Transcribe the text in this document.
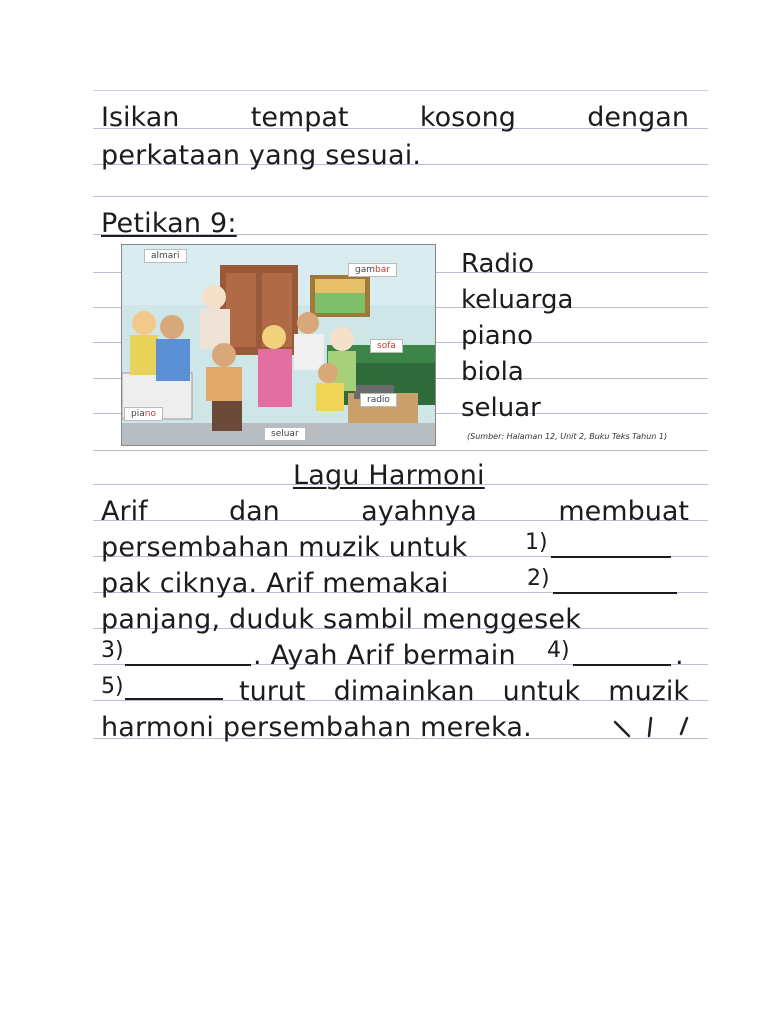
Isikan	tempat	kosong	dengan
perkataan yang sesuai.
Petikan 9:
almari
gambar
sofa
radio
piano
seluar
Radio
keluarga
piano
biola
seluar
(Sumber: Halaman 12, Unit 2, Buku Teks Tahun 1)
Lagu Harmoni
Arif	dan	ayahnya	membuat
persembahan muzik untuk	1)
pak ciknya. Arif memakai	2)
panjang, duduk sambil menggesek
3)	. Ayah Arif bermain 4)	.
5)	turut dimainkan untuk muzik
harmoni persembahan mereka.
